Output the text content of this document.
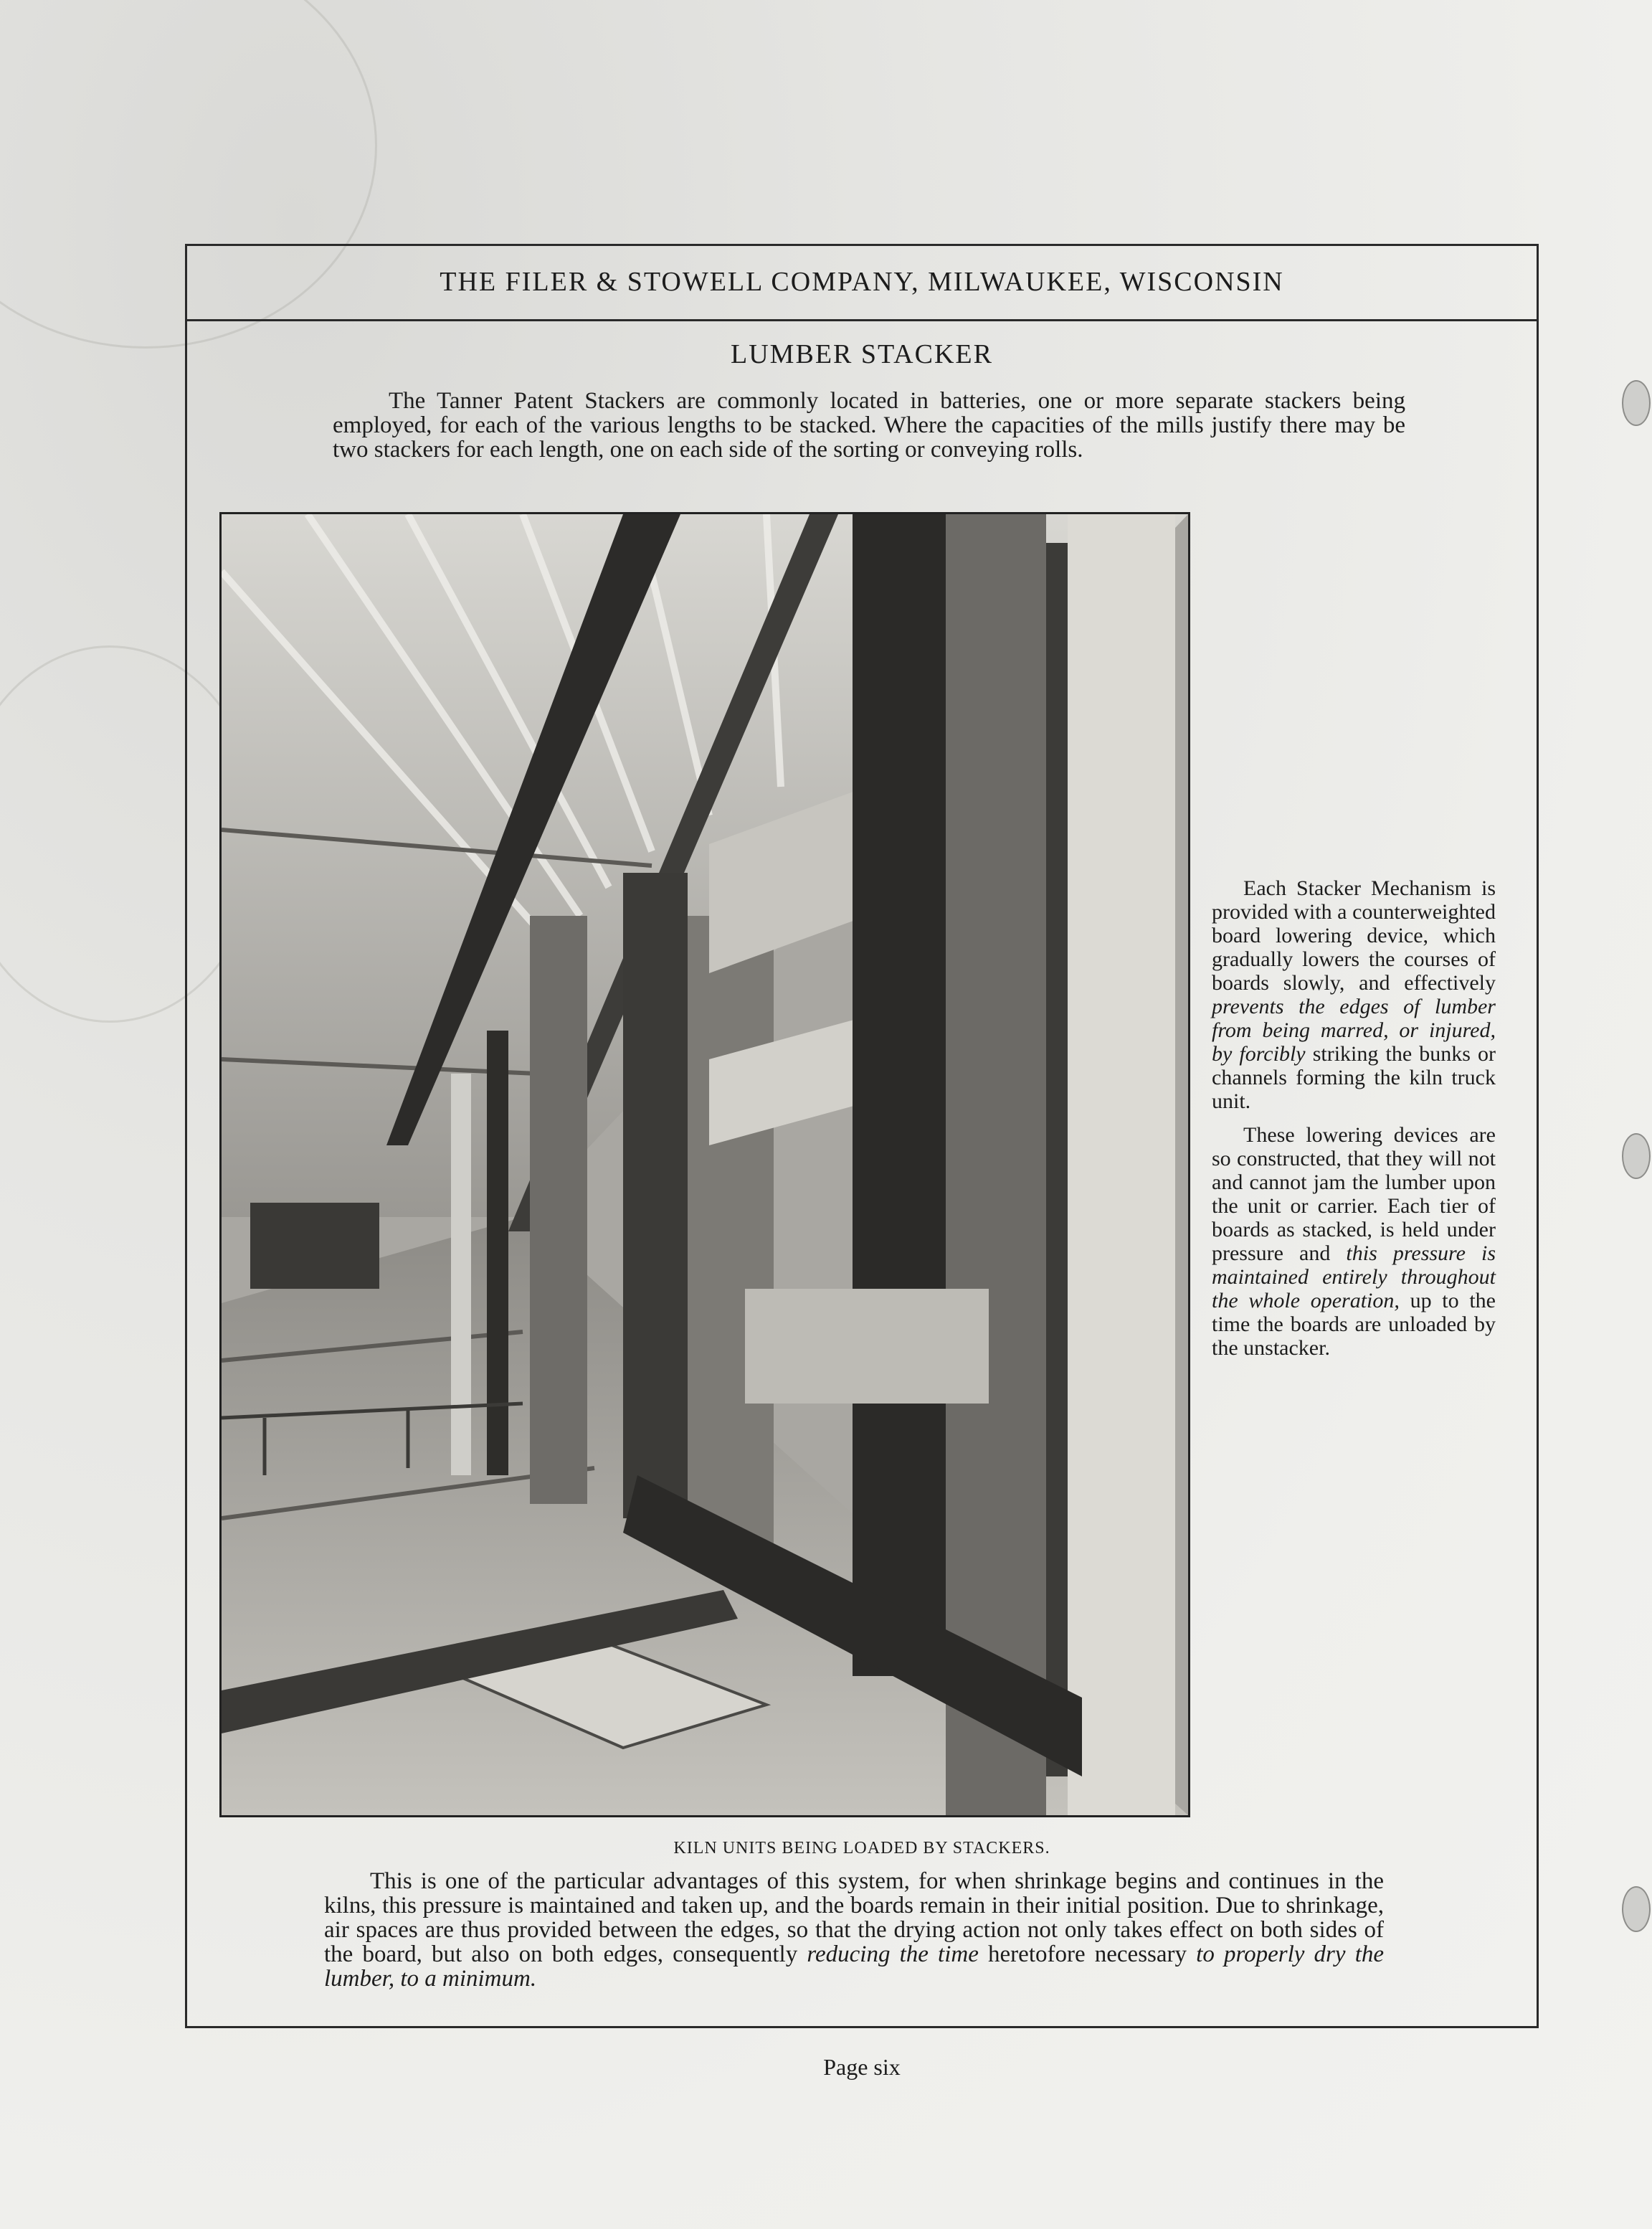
THE FILER & STOWELL COMPANY, MILWAUKEE, WISCONSIN
LUMBER STACKER
The Tanner Patent Stackers are commonly located in batteries, one or more separate stackers being employed, for each of the various lengths to be stacked. Where the capacities of the mills justify there may be two stackers for each length, one on each side of the sorting or conveying rolls.

Each Stacker Mechanism is provided with a counterweighted board lowering device, which gradually lowers the courses of boards slowly, and effectively prevents the edges of lumber from being marred, or injured, by forcibly striking the bunks or channels forming the kiln truck unit.

These lowering devices are so constructed, that they will not and cannot jam the lumber upon the unit or carrier. Each tier of boards as stacked, is held under pressure and this pressure is maintained entirely throughout the whole operation, up to the time the boards are unloaded by the unstacker.

KILN UNITS BEING LOADED BY STACKERS.
This is one of the particular advantages of this system, for when shrinkage begins and continues in the kilns, this pressure is maintained and taken up, and the boards remain in their initial position. Due to shrinkage, air spaces are thus provided between the edges, so that the drying action not only takes effect on both sides of the board, but also on both edges, consequently reducing the time heretofore necessary to properly dry the lumber, to a minimum.
Page six
